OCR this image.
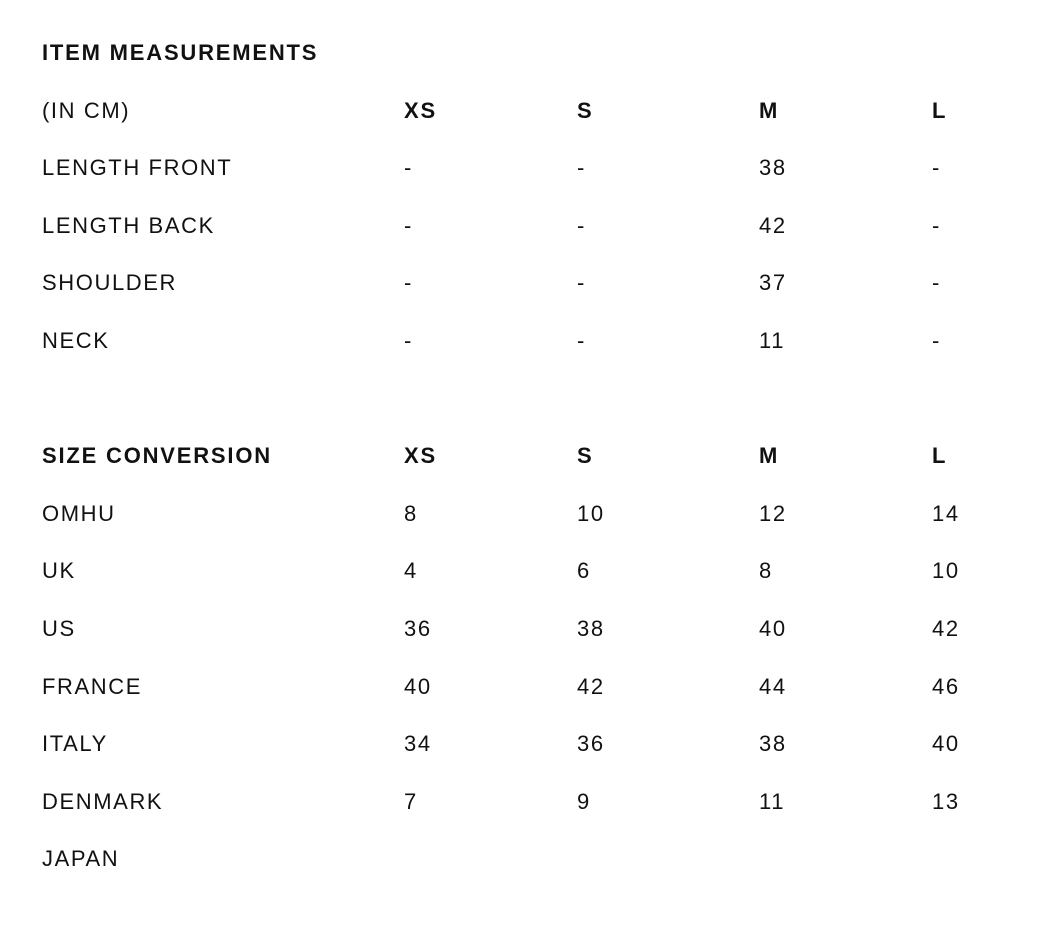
ITEM MEASUREMENTS
(IN CM)	XS	S	M	L
LENGTH FRONT	-	-	38	-
LENGTH BACK	-	-	42	-
SHOULDER	-	-	37	-
NECK	-	-	11	-
SIZE CONVERSION	XS	S	M	L
OMHU	8	10	12	14
UK	4	6	8	10
US	36	38	40	42
FRANCE	40	42	44	46
ITALY	34	36	38	40
DENMARK	7	9	11	13
JAPAN
